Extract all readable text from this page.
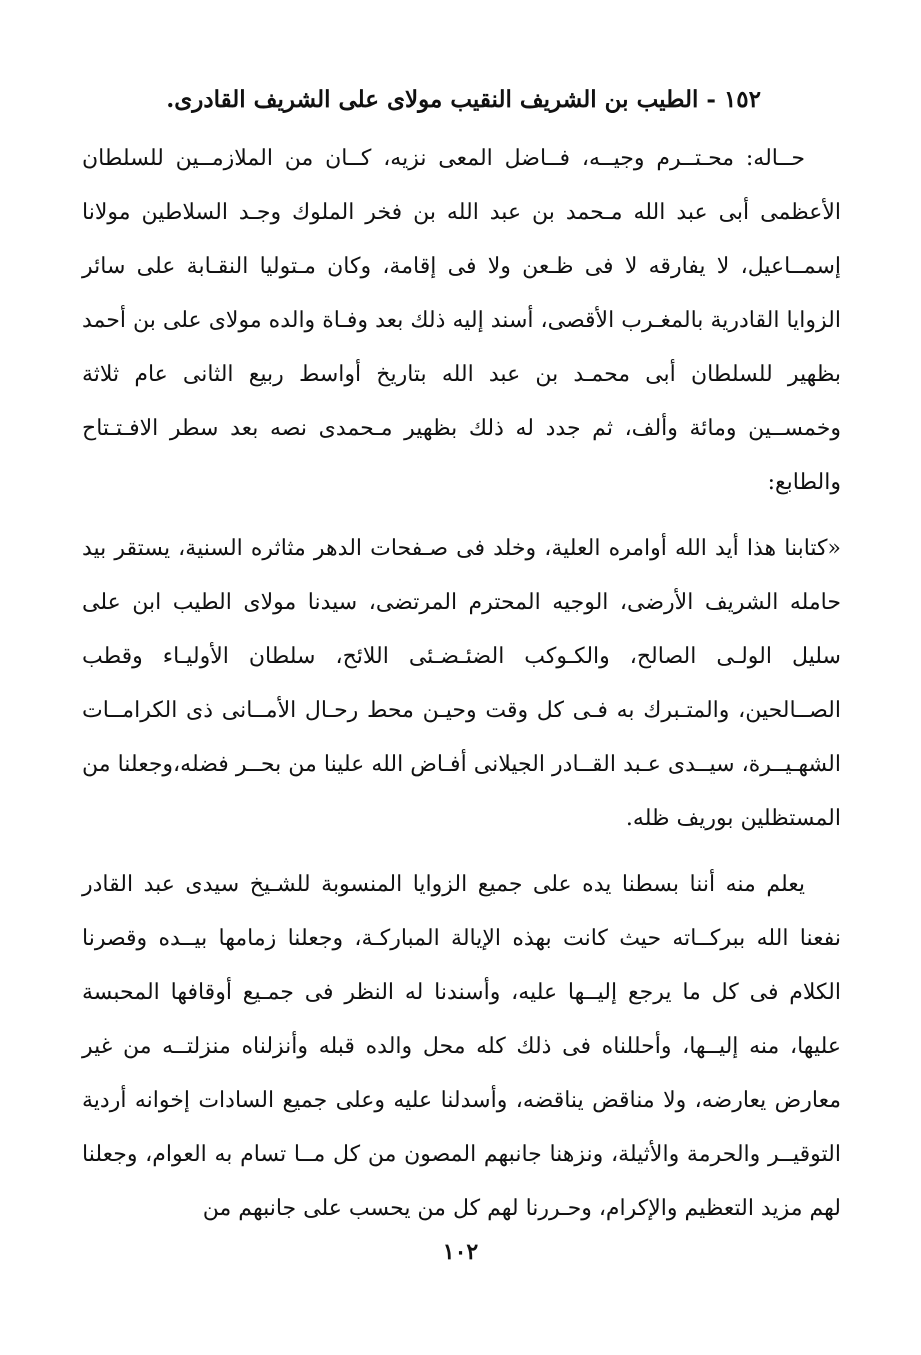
١٥٢ - الطيب بن الشريف النقيب مولاى على الشريف القادرى.

حــاله: محـتــرم وجيــه، فــاضل المعى نزيه، كــان من الملازمــين للسلطان الأعظمى أبى عبد الله مـحمد بن عبد الله بن فخر الملوك وجـد السلاطين مولانا إسمــاعيل، لا يفارقه لا فى ظـعن ولا فى إقامة، وكان مـتوليا النقـابة على سائر الزوايا القادرية بالمغـرب الأقصى، أسند إليه ذلك بعد وفـاة والده مولاى على بن أحمد بظهير للسلطان أبى محمـد بن عبد الله بتاريخ أواسط ربيع الثانى عام ثلاثة وخمســين ومائة وألف، ثم جدد له ذلك بظهير مـحمدى نصه بعد سطر الافـتـتاح والطابع:

«كتابنا هذا أيد الله أوامره العلية، وخلد فى صـفحات الدهر مثاثره السنية، يستقر بيد حامله الشريف الأرضى، الوجيه المحترم المرتضى، سيدنا مولاى الطيب ابن على سليل الولـى الصالح، والكـوكب الضئـضـئى اللائح، سلطان الأوليـاء وقطب الصــالحين، والمتـبرك به فـى كل وقت وحيـن محط رحـال الأمــانى ذى الكرامــات الشهـيــرة، سيــدى عـبد القــادر الجيلانى أفـاض الله علينا من بحــر فضله،وجعلنا من المستظلين بوريف ظله.

يعلم منه أننا بسطنا يده على جميع الزوايا المنسوبة للشـيخ سيدى عبد القادر نفعنا الله ببركــاته حيث كانت بهذه الإيالة المباركـة، وجعلنا زمامها بيــده وقصرنا الكلام فى كل ما يرجع إليــها عليه، وأسندنا له النظر فى جمـيع أوقافها المحبسة عليها، منه إليــها، وأحللناه فى ذلك كله محل والده قبله وأنزلناه منزلتــه من غير معارض يعارضه، ولا مناقض يناقضه، وأسدلنا عليه وعلى جميع السادات إخوانه أردية التوقيــر والحرمة والأثيلة، ونزهنا جانبهم المصون من كل مــا تسام به العوام، وجعلنا لهم مزيد التعظيم والإكرام، وحـررنا لهم كل من يحسب على جانبهم من

١٠٢
